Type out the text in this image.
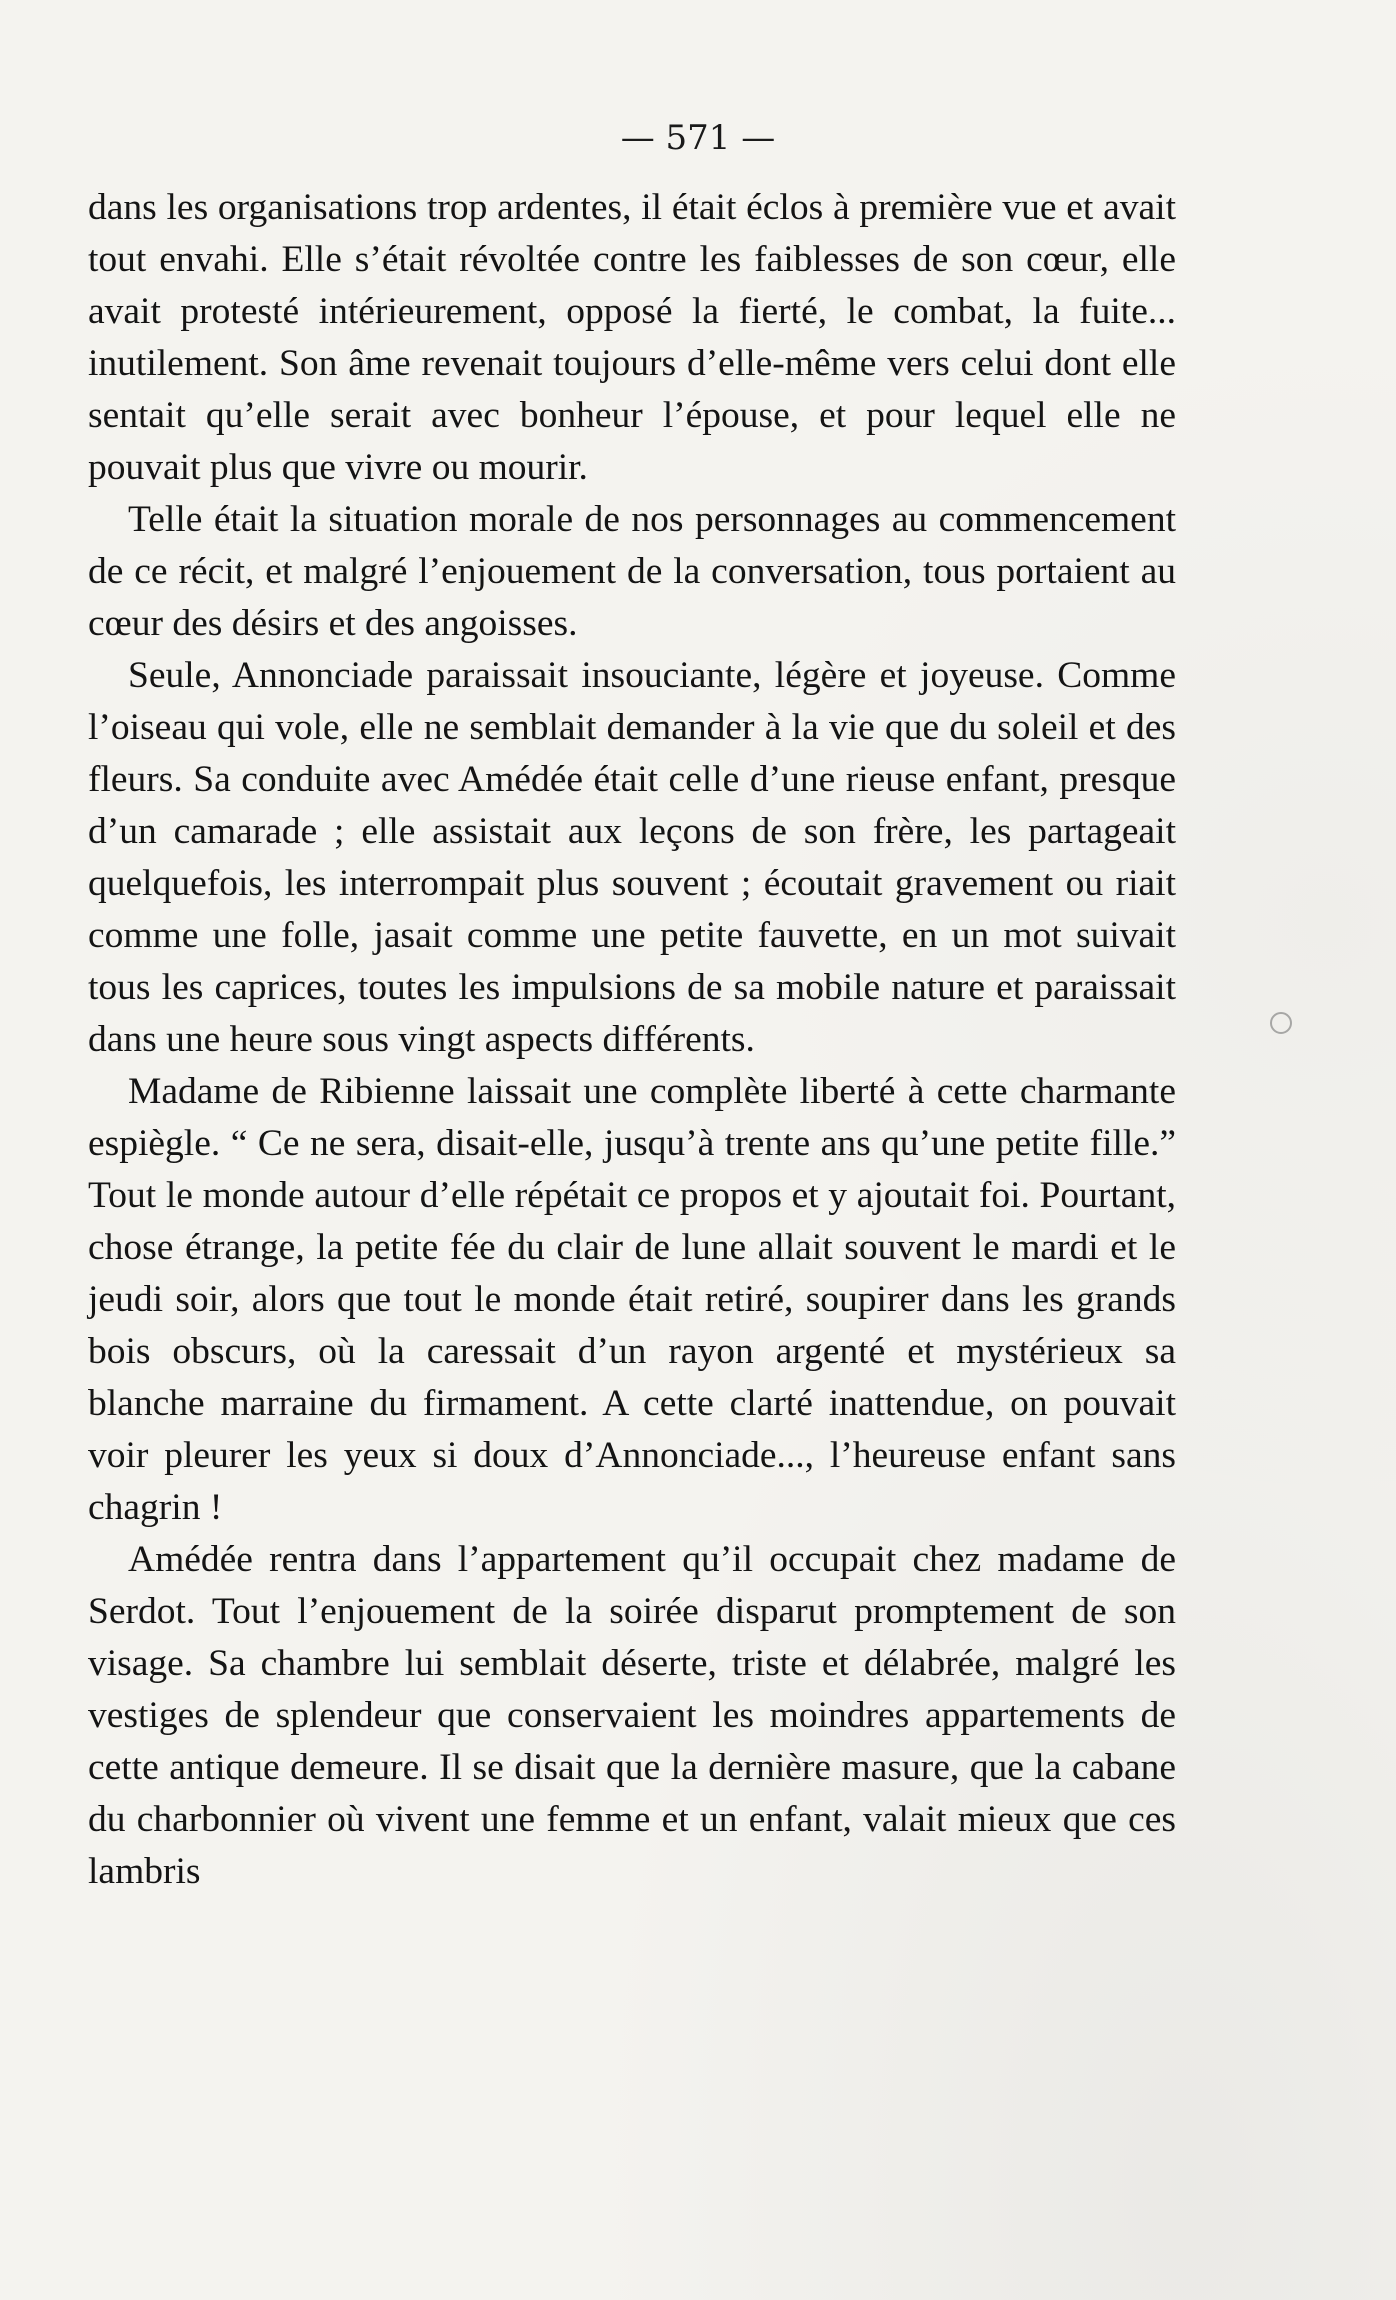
— 571 —

dans les organisations trop ardentes, il était éclos à première vue et avait tout envahi. Elle s’était révoltée contre les faiblesses de son cœur, elle avait protesté intérieurement, opposé la fierté, le combat, la fuite... inutilement. Son âme revenait toujours d’elle-même vers celui dont elle sentait qu’elle serait avec bonheur l’épouse, et pour lequel elle ne pouvait plus que vivre ou mourir.

Telle était la situation morale de nos personnages au commencement de ce récit, et malgré l’enjouement de la conversation, tous portaient au cœur des désirs et des angoisses.

Seule, Annonciade paraissait insouciante, légère et joyeuse. Comme l’oiseau qui vole, elle ne semblait demander à la vie que du soleil et des fleurs. Sa conduite avec Amédée était celle d’une rieuse enfant, presque d’un camarade ; elle assistait aux leçons de son frère, les partageait quelquefois, les interrompait plus souvent ; écoutait gravement ou riait comme une folle, jasait comme une petite fauvette, en un mot suivait tous les caprices, toutes les impulsions de sa mobile nature et paraissait dans une heure sous vingt aspects différents.

Madame de Ribienne laissait une complète liberté à cette charmante espiègle. “ Ce ne sera, disait-elle, jusqu’à trente ans qu’une petite fille.” Tout le monde autour d’elle répétait ce propos et y ajoutait foi. Pourtant, chose étrange, la petite fée du clair de lune allait souvent le mardi et le jeudi soir, alors que tout le monde était retiré, soupirer dans les grands bois obscurs, où la caressait d’un rayon argenté et mystérieux sa blanche marraine du firmament. A cette clarté inattendue, on pouvait voir pleurer les yeux si doux d’Annonciade..., l’heureuse enfant sans chagrin !

Amédée rentra dans l’appartement qu’il occupait chez madame de Serdot. Tout l’enjouement de la soirée disparut promptement de son visage. Sa chambre lui semblait déserte, triste et délabrée, malgré les vestiges de splendeur que conservaient les moindres appartements de cette antique demeure. Il se disait que la dernière masure, que la cabane du charbonnier où vivent une femme et un enfant, valait mieux que ces lambris
